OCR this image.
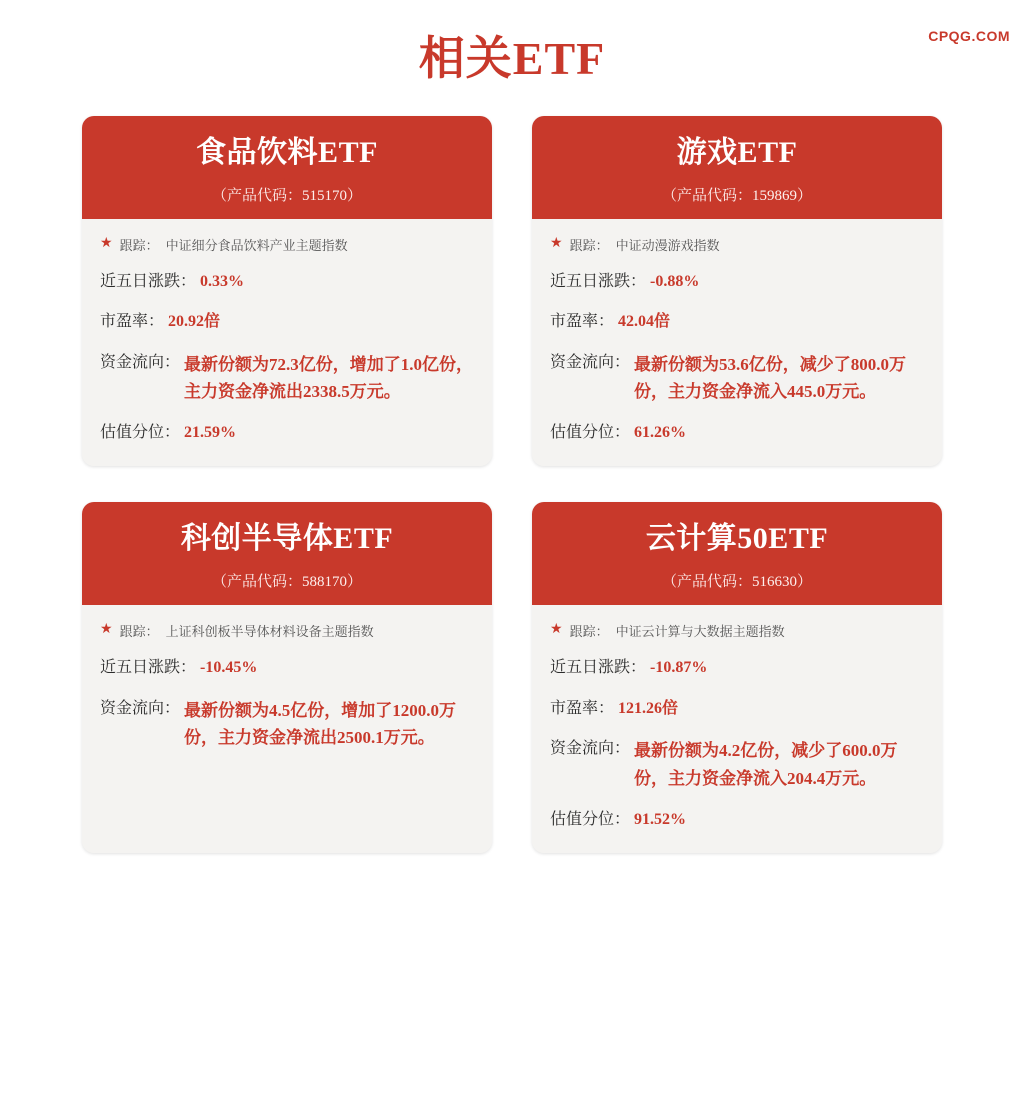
CPQG.COM
相关ETF
食品饮料ETF
（产品代码：515170）
★ 跟踪： 中证细分食品饮料产业主题指数
近五日涨跌： 0.33%
市盈率： 20.92倍
资金流向： 最新份额为72.3亿份，增加了1.0亿份，主力资金净流出2338.5万元。
估值分位： 21.59%
游戏ETF
（产品代码：159869）
★ 跟踪： 中证动漫游戏指数
近五日涨跌： -0.88%
市盈率： 42.04倍
资金流向： 最新份额为53.6亿份，减少了800.0万份，主力资金净流入445.0万元。
估值分位： 61.26%
科创半导体ETF
（产品代码：588170）
★ 跟踪： 上证科创板半导体材料设备主题指数
近五日涨跌： -10.45%
资金流向： 最新份额为4.5亿份，增加了1200.0万份，主力资金净流出2500.1万元。
云计算50ETF
（产品代码：516630）
★ 跟踪： 中证云计算与大数据主题指数
近五日涨跌： -10.87%
市盈率： 121.26倍
资金流向： 最新份额为4.2亿份，减少了600.0万份，主力资金净流入204.4万元。
估值分位： 91.52%
